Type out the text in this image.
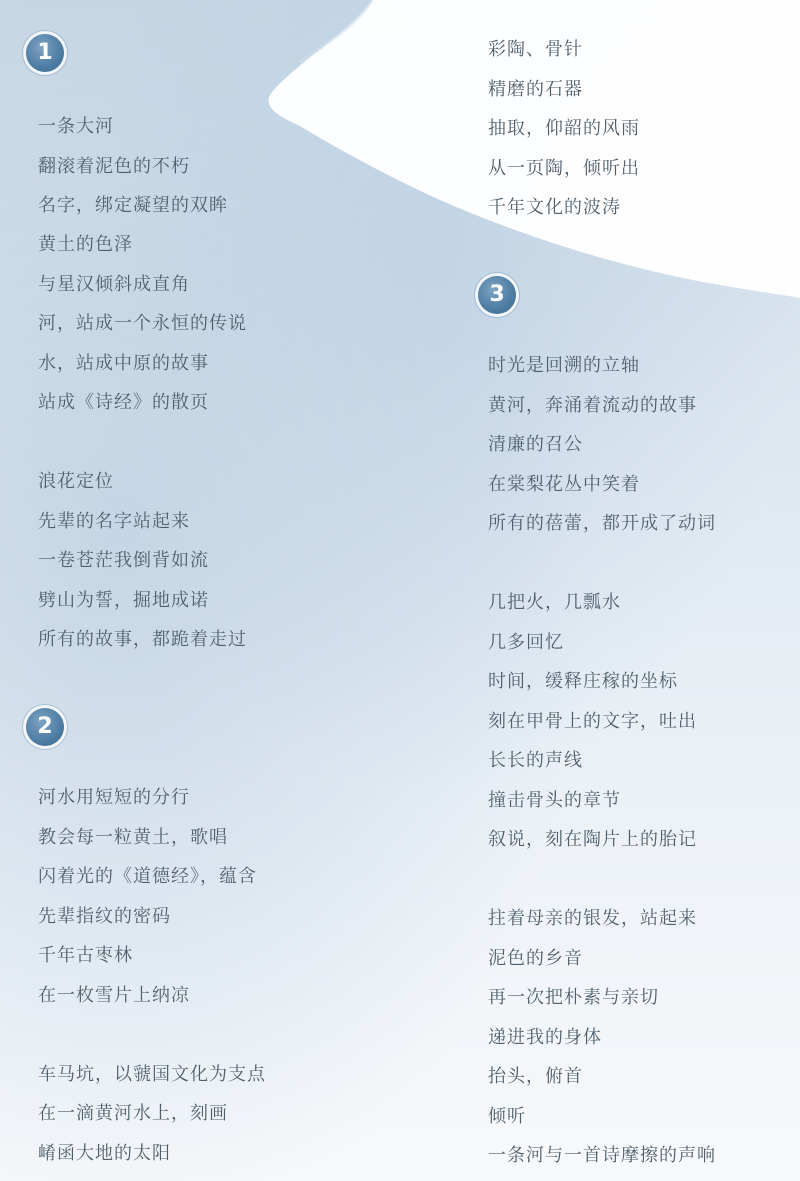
1
一条大河
翻滚着泥色的不朽
名字，绑定凝望的双眸
黄土的色泽
与星汉倾斜成直角
河，站成一个永恒的传说
水，站成中原的故事
站成《诗经》的散页
浪花定位
先辈的名字站起来
一卷苍茫我倒背如流
劈山为誓，掘地成诺
所有的故事，都跪着走过
2
河水用短短的分行
教会每一粒黄土，歌唱
闪着光的《道德经》，蕴含
先辈指纹的密码
千年古枣林
在一枚雪片上纳凉
车马坑，以虢国文化为支点
在一滴黄河水上，刻画
崤函大地的太阳
彩陶、骨针
精磨的石器
抽取，仰韶的风雨
从一页陶，倾听出
千年文化的波涛
3
时光是回溯的立轴
黄河，奔涌着流动的故事
清廉的召公
在棠梨花丛中笑着
所有的蓓蕾，都开成了动词
几把火，几瓢水
几多回忆
时间，缓释庄稼的坐标
刻在甲骨上的文字，吐出
长长的声线
撞击骨头的章节
叙说，刻在陶片上的胎记
拄着母亲的银发，站起来
泥色的乡音
再一次把朴素与亲切
递进我的身体
抬头，俯首
倾听
一条河与一首诗摩擦的声响
